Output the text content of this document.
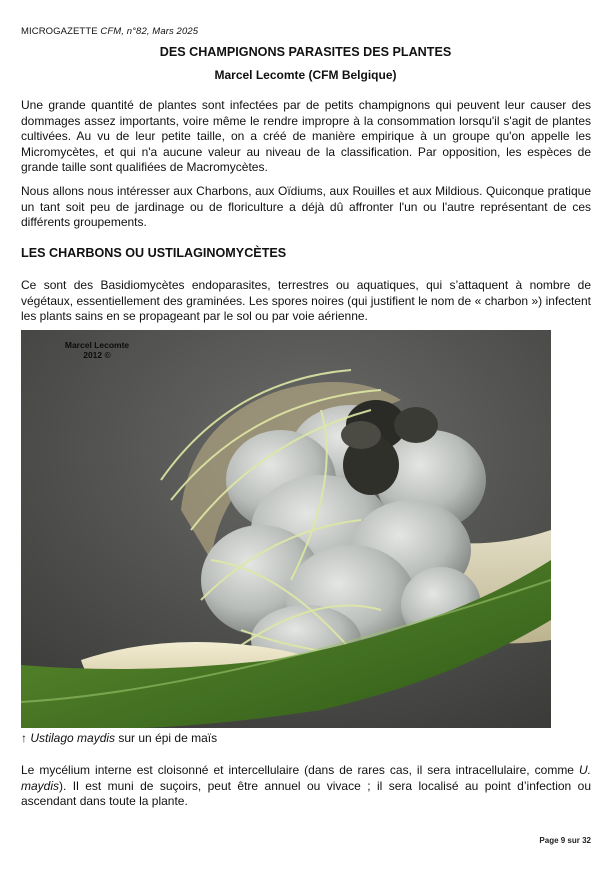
MICROGAZETTE CFM, n°82, Mars 2025
DES CHAMPIGNONS PARASITES DES PLANTES
Marcel Lecomte (CFM Belgique)

Une grande quantité de plantes sont infectées par de petits champignons qui peuvent leur causer des dommages assez importants, voire même le rendre impropre à la consommation lorsqu'il s'agit de plantes cultivées. Au vu de leur petite taille, on a créé de manière empirique à un groupe qu'on appelle les Micromycètes, et qui n'a aucune valeur au niveau de la classification. Par opposition, les espèces de grande taille sont qualifiées de Macromycètes.

Nous allons nous intéresser aux Charbons, aux Oïdiums, aux Rouilles et aux Mildious. Quiconque pratique un tant soit peu de jardinage ou de floriculture a déjà dû affronter l'un ou l'autre représentant de ces différents groupements.

LES CHARBONS OU USTILAGINOMYCÈTES

Ce sont des Basidiomycètes endoparasites, terrestres ou aquatiques, qui s’attaquent à nombre de végétaux, essentiellement des graminées. Les spores noires (qui justifient le nom de « charbon ») infectent les plants sains en se propageant par le sol ou par voie aérienne.

Marcel Lecomte
2012 ©
↑ Ustilago maydis sur un épi de maïs

Le mycélium interne est cloisonné et intercellulaire (dans de rares cas, il sera intracellulaire, comme U. maydis). Il est muni de suçoirs, peut être annuel ou vivace ; il sera localisé au point d’infection ou ascendant dans toute la plante.

Page 9 sur 32
